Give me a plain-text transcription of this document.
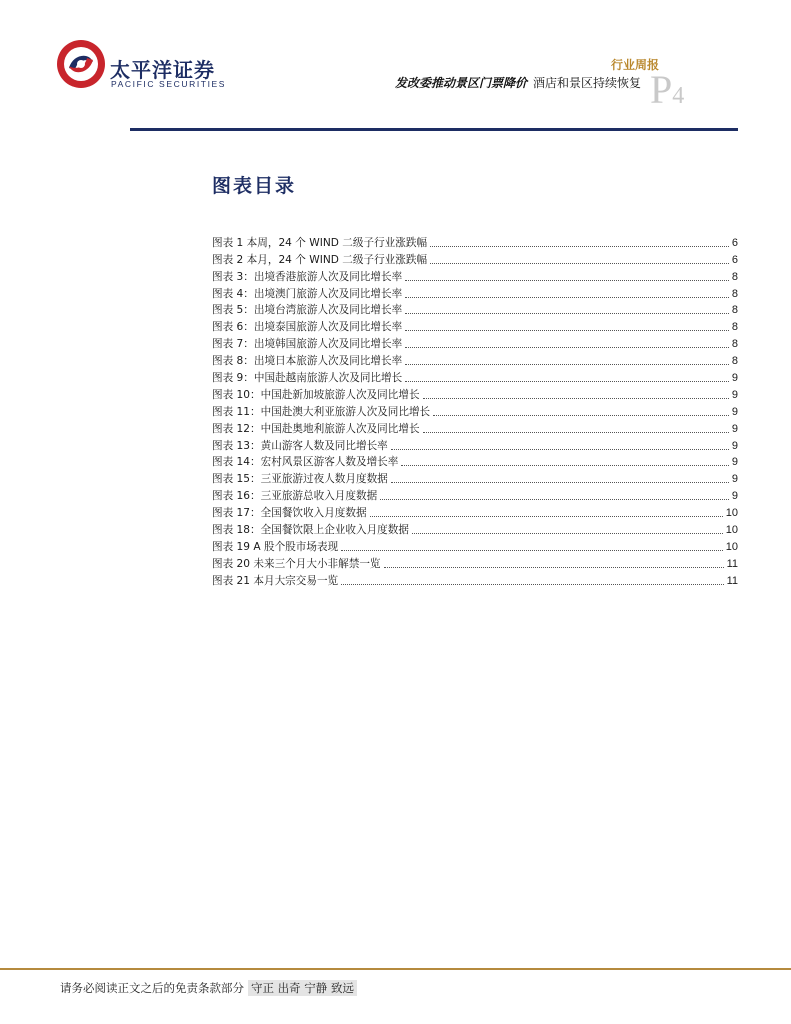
太平洋证券
PACIFIC SECURITIES
行业周报
发改委推动景区门票降价 酒店和景区持续恢复 P4
图表目录
图表 1 本周，24 个 WIND 二级子行业涨跌幅	6
图表 2 本月，24 个 WIND 二级子行业涨跌幅	6
图表 3：出境香港旅游人次及同比增长率	8
图表 4：出境澳门旅游人次及同比增长率	8
图表 5：出境台湾旅游人次及同比增长率	8
图表 6：出境泰国旅游人次及同比增长率	8
图表 7：出境韩国旅游人次及同比增长率	8
图表 8：出境日本旅游人次及同比增长率	8
图表 9：中国赴越南旅游人次及同比增长	9
图表 10：中国赴新加坡旅游人次及同比增长	9
图表 11：中国赴澳大利亚旅游人次及同比增长	9
图表 12：中国赴奥地利旅游人次及同比增长	9
图表 13：黄山游客人数及同比增长率	9
图表 14：宏村风景区游客人数及增长率	9
图表 15：三亚旅游过夜人数月度数据	9
图表 16：三亚旅游总收入月度数据	9
图表 17：全国餐饮收入月度数据	10
图表 18：全国餐饮限上企业收入月度数据	10
图表 19 A 股个股市场表现	10
图表 20 未来三个月大小非解禁一览	11
图表 21 本月大宗交易一览	11
请务必阅读正文之后的免责条款部分 守正 出奇 宁静 致远
